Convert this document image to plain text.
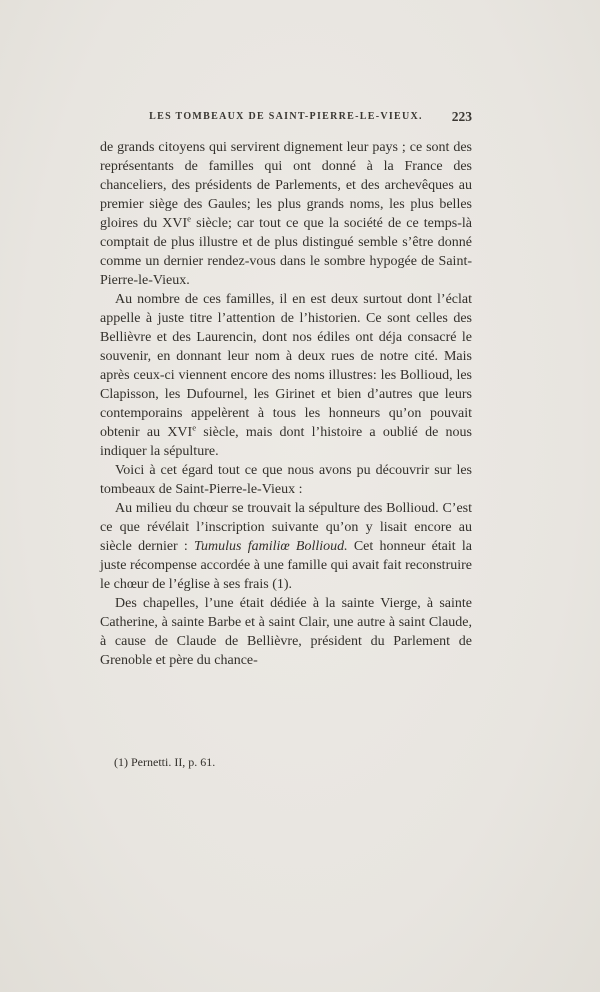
LES TOMBEAUX DE SAINT-PIERRE-LE-VIEUX. 223

de grands citoyens qui servirent dignement leur pays ; ce sont des représentants de familles qui ont donné à la France des chanceliers, des présidents de Parlements, et des archevêques au premier siège des Gaules; les plus grands noms, les plus belles gloires du XVIe siècle; car tout ce que la société de ce temps-là comptait de plus illustre et de plus distingué semble s’être donné comme un dernier rendez-vous dans le sombre hypogée de Saint-Pierre-le-Vieux.

Au nombre de ces familles, il en est deux surtout dont l’éclat appelle à juste titre l’attention de l’historien. Ce sont celles des Bellièvre et des Laurencin, dont nos édiles ont déja consacré le souvenir, en donnant leur nom à deux rues de notre cité. Mais après ceux-ci viennent encore des noms illustres: les Bollioud, les Clapisson, les Dufournel, les Girinet et bien d’autres que leurs contemporains appelèrent à tous les honneurs qu’on pouvait obtenir au XVIe siècle, mais dont l’histoire a oublié de nous indiquer la sépulture.

Voici à cet égard tout ce que nous avons pu découvrir sur les tombeaux de Saint-Pierre-le-Vieux :

Au milieu du chœur se trouvait la sépulture des Bollioud. C’est ce que révélait l’inscription suivante qu’on y lisait encore au siècle dernier : Tumulus familiœ Bollioud. Cet honneur était la juste récompense accordée à une famille qui avait fait reconstruire le chœur de l’église à ses frais (1).

Des chapelles, l’une était dédiée à la sainte Vierge, à sainte Catherine, à sainte Barbe et à saint Clair, une autre à saint Claude, à cause de Claude de Bellièvre, président du Parlement de Grenoble et père du chance-

(1) Pernetti. II, p. 61.
